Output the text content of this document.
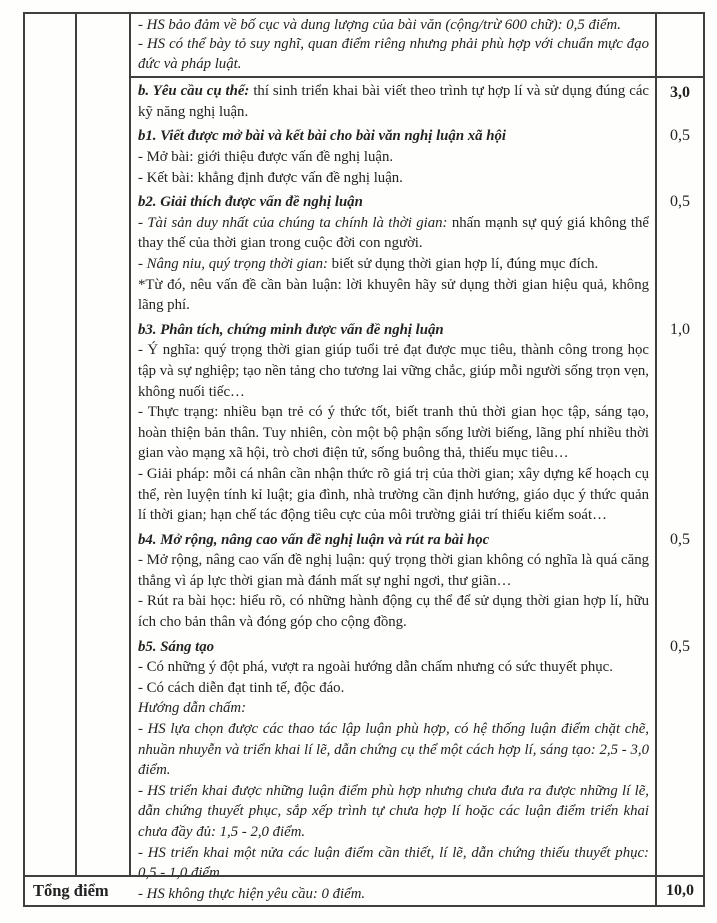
- HS bảo đảm về bố cục và dung lượng của bài văn (cộng/trừ 600 chữ): 0,5 điểm.

- HS có thể bày tỏ suy nghĩ, quan điểm riêng nhưng phải phù hợp với chuẩn mực đạo đức và pháp luật.

b. Yêu cầu cụ thể: thí sinh triển khai bài viết theo trình tự hợp lí và sử dụng đúng các kỹ năng nghị luận.

3,0

b1. Viết được mở bài và kết bài cho bài văn nghị luận xã hội

- Mở bài: giới thiệu được vấn đề nghị luận.

- Kết bài: khẳng định được vấn đề nghị luận.

0,5

b2. Giải thích được vấn đề nghị luận

- Tài sản duy nhất của chúng ta chính là thời gian: nhấn mạnh sự quý giá không thể thay thế của thời gian trong cuộc đời con người.

- Nâng niu, quý trọng thời gian: biết sử dụng thời gian hợp lí, đúng mục đích.

*Từ đó, nêu vấn đề cần bàn luận: lời khuyên hãy sử dụng thời gian hiệu quả, không lãng phí.

0,5

b3. Phân tích, chứng minh được vấn đề nghị luận

- Ý nghĩa: quý trọng thời gian giúp tuổi trẻ đạt được mục tiêu, thành công trong học tập và sự nghiệp; tạo nền tảng cho tương lai vững chắc, giúp mỗi người sống trọn vẹn, không nuối tiếc…

- Thực trạng: nhiều bạn trẻ có ý thức tốt, biết tranh thủ thời gian học tập, sáng tạo, hoàn thiện bản thân. Tuy nhiên, còn một bộ phận sống lười biếng, lãng phí nhiều thời gian vào mạng xã hội, trò chơi điện tử, sống buông thả, thiếu mục tiêu…

- Giải pháp: mỗi cá nhân cần nhận thức rõ giá trị của thời gian; xây dựng kế hoạch cụ thể, rèn luyện tính kỉ luật; gia đình, nhà trường cần định hướng, giáo dục ý thức quản lí thời gian; hạn chế tác động tiêu cực của môi trường giải trí thiếu kiểm soát…

1,0

b4. Mở rộng, nâng cao vấn đề nghị luận và rút ra bài học

- Mở rộng, nâng cao vấn đề nghị luận: quý trọng thời gian không có nghĩa là quá căng thẳng vì áp lực thời gian mà đánh mất sự nghỉ ngơi, thư giãn…

- Rút ra bài học: hiểu rõ, có những hành động cụ thể để sử dụng thời gian hợp lí, hữu ích cho bản thân và đóng góp cho cộng đồng.

0,5

b5. Sáng tạo

- Có những ý đột phá, vượt ra ngoài hướng dẫn chấm nhưng có sức thuyết phục.

- Có cách diễn đạt tinh tế, độc đáo.

Hướng dẫn chấm:

- HS lựa chọn được các thao tác lập luận phù hợp, có hệ thống luận điểm chặt chẽ, nhuần nhuyễn và triển khai lí lẽ, dẫn chứng cụ thể một cách hợp lí, sáng tạo: 2,5 - 3,0 điểm.

- HS triển khai được những luận điểm phù hợp nhưng chưa đưa ra được những lí lẽ, dẫn chứng thuyết phục, sắp xếp trình tự chưa hợp lí hoặc các luận điểm triển khai chưa đầy đủ: 1,5 - 2,0 điểm.

- HS triển khai một nửa các luận điểm cần thiết, lí lẽ, dẫn chứng thiếu thuyết phục: 0,5 - 1,0 điểm.

- HS không thực hiện yêu cầu: 0 điểm.

0,5
Tổng điểm	10,0
